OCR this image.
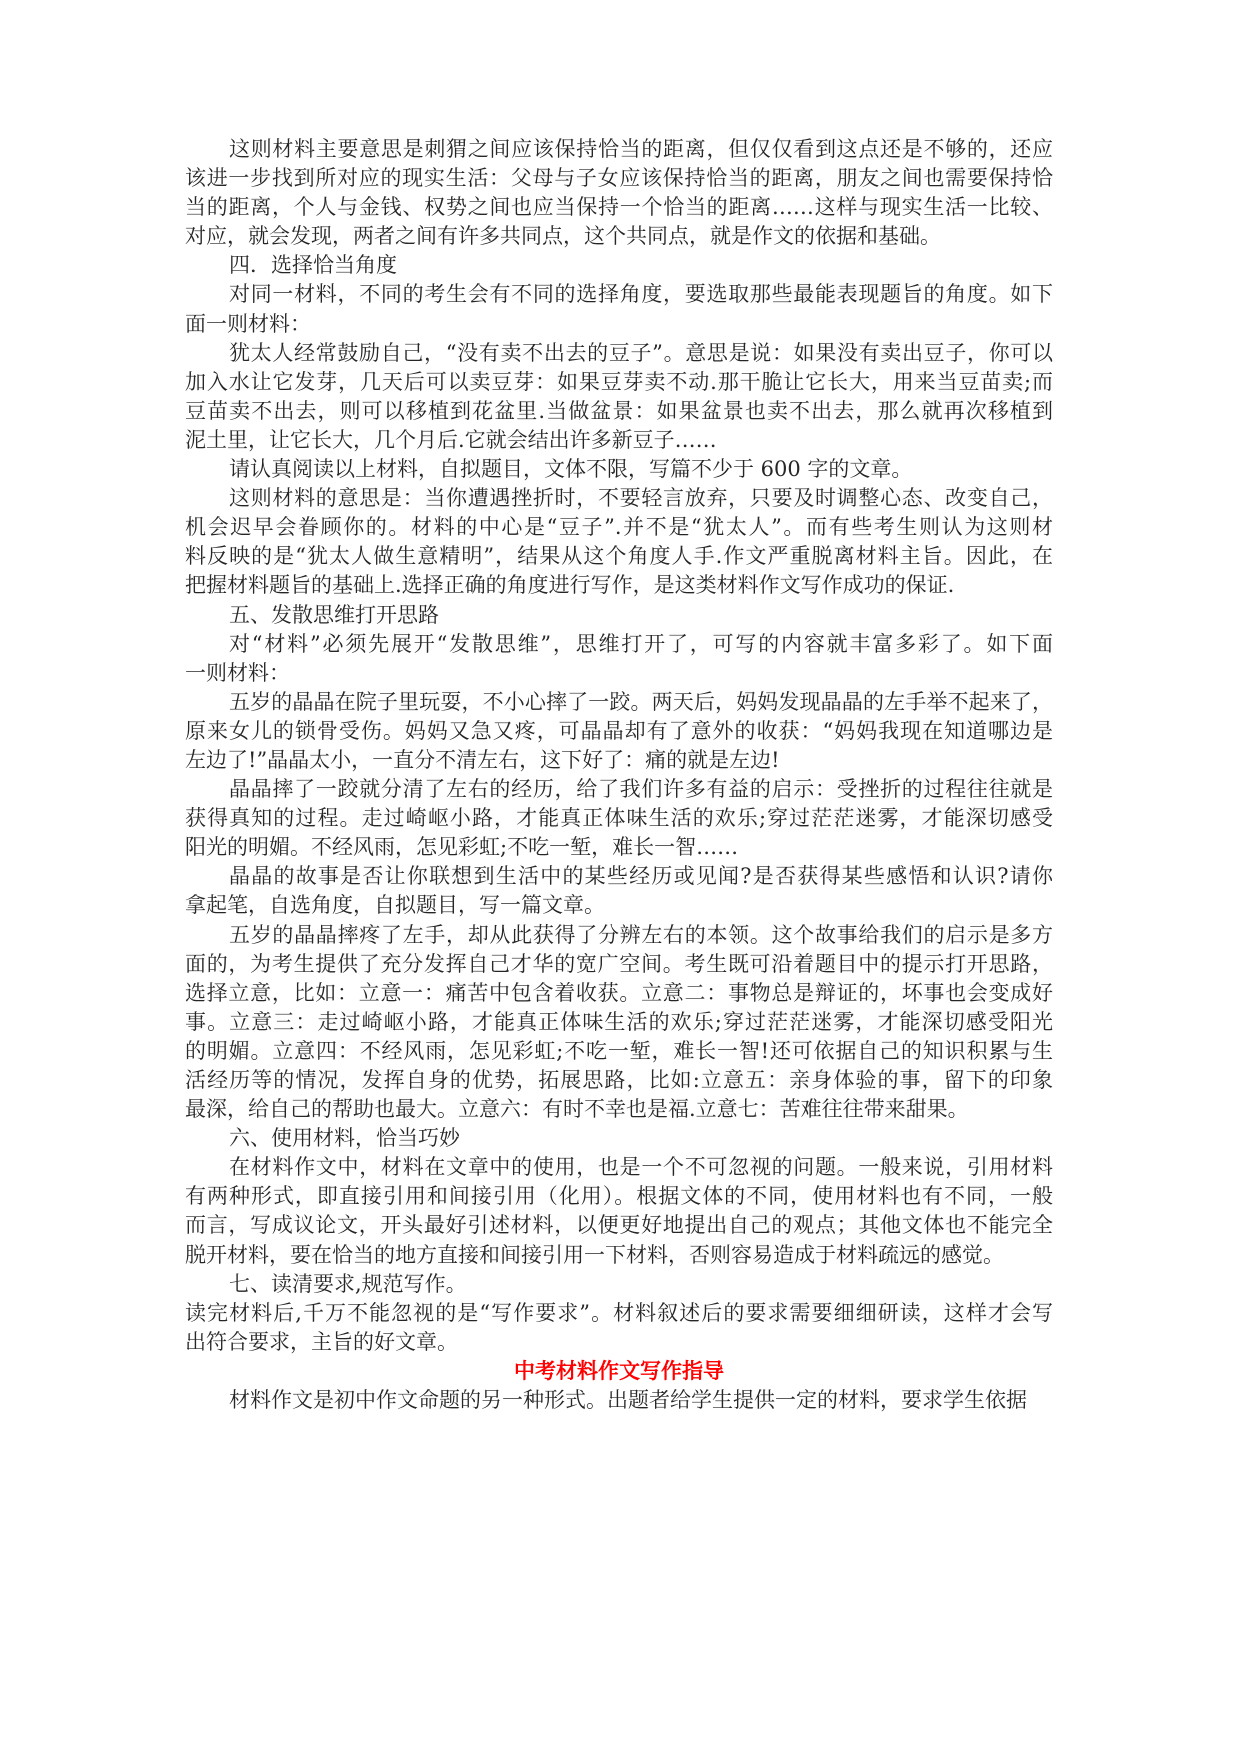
这则材料主要意思是刺猬之间应该保持恰当的距离，但仅仅看到这点还是不够的，还应
该进一步找到所对应的现实生活：父母与子女应该保持恰当的距离，朋友之间也需要保持恰
当的距离，个人与金钱、权势之间也应当保持一个恰当的距离……这样与现实生活一比较、
对应，就会发现，两者之间有许多共同点，这个共同点，就是作文的依据和基础。
四．选择恰当角度
对同一材料，不同的考生会有不同的选择角度，要选取那些最能表现题旨的角度。如下
面一则材料：
犹太人经常鼓励自己，“没有卖不出去的豆子”。意思是说：如果没有卖出豆子，你可以
加入水让它发芽，几天后可以卖豆芽：如果豆芽卖不动.那干脆让它长大，用来当豆苗卖;而
豆苗卖不出去，则可以移植到花盆里.当做盆景：如果盆景也卖不出去，那么就再次移植到
泥土里，让它长大，几个月后.它就会结出许多新豆子……
请认真阅读以上材料，自拟题目，文体不限，写篇不少于 600 字的文章。
这则材料的意思是：当你遭遇挫折时，不要轻言放弃，只要及时调整心态、改变自己，
机会迟早会眷顾你的。材料的中心是“豆子”.并不是“犹太人”。而有些考生则认为这则材
料反映的是“犹太人做生意精明”，结果从这个角度人手.作文严重脱离材料主旨。因此，在
把握材料题旨的基础上.选择正确的角度进行写作，是这类材料作文写作成功的保证.
五、发散思维打开思路
对“材料”必须先展开“发散思维”，思维打开了，可写的内容就丰富多彩了。如下面
一则材料：
五岁的晶晶在院子里玩耍，不小心摔了一跤。两天后，妈妈发现晶晶的左手举不起来了，
原来女儿的锁骨受伤。妈妈又急又疼，可晶晶却有了意外的收获：“妈妈我现在知道哪边是
左边了!”晶晶太小，一直分不清左右，这下好了：痛的就是左边!
晶晶摔了一跤就分清了左右的经历，给了我们许多有益的启示：受挫折的过程往往就是
获得真知的过程。走过崎岖小路，才能真正体味生活的欢乐;穿过茫茫迷雾，才能深切感受
阳光的明媚。不经风雨，怎见彩虹;不吃一堑，难长一智……
晶晶的故事是否让你联想到生活中的某些经历或见闻?是否获得某些感悟和认识?请你
拿起笔，自选角度，自拟题目，写一篇文章。
五岁的晶晶摔疼了左手，却从此获得了分辨左右的本领。这个故事给我们的启示是多方
面的，为考生提供了充分发挥自己才华的宽广空间。考生既可沿着题目中的提示打开思路，
选择立意，比如：立意一：痛苦中包含着收获。立意二：事物总是辩证的，坏事也会变成好
事。立意三：走过崎岖小路，才能真正体味生活的欢乐;穿过茫茫迷雾，才能深切感受阳光
的明媚。立意四：不经风雨，怎见彩虹;不吃一堑，难长一智!还可依据自己的知识积累与生
活经历等的情况，发挥自身的优势，拓展思路，比如:立意五：亲身体验的事，留下的印象
最深，给自己的帮助也最大。立意六：有时不幸也是福.立意七：苦难往往带来甜果。
六、使用材料，恰当巧妙
在材料作文中，材料在文章中的使用，也是一个不可忽视的问题。一般来说，引用材料
有两种形式，即直接引用和间接引用（化用）。根据文体的不同，使用材料也有不同，一般
而言，写成议论文，开头最好引述材料，以便更好地提出自己的观点；其他文体也不能完全
脱开材料，要在恰当的地方直接和间接引用一下材料，否则容易造成于材料疏远的感觉。
七、读清要求,规范写作。
读完材料后,千万不能忽视的是“写作要求”。材料叙述后的要求需要细细研读，这样才会写
出符合要求，主旨的好文章。
中考材料作文写作指导
材料作文是初中作文命题的另一种形式。出题者给学生提供一定的材料，要求学生依据
